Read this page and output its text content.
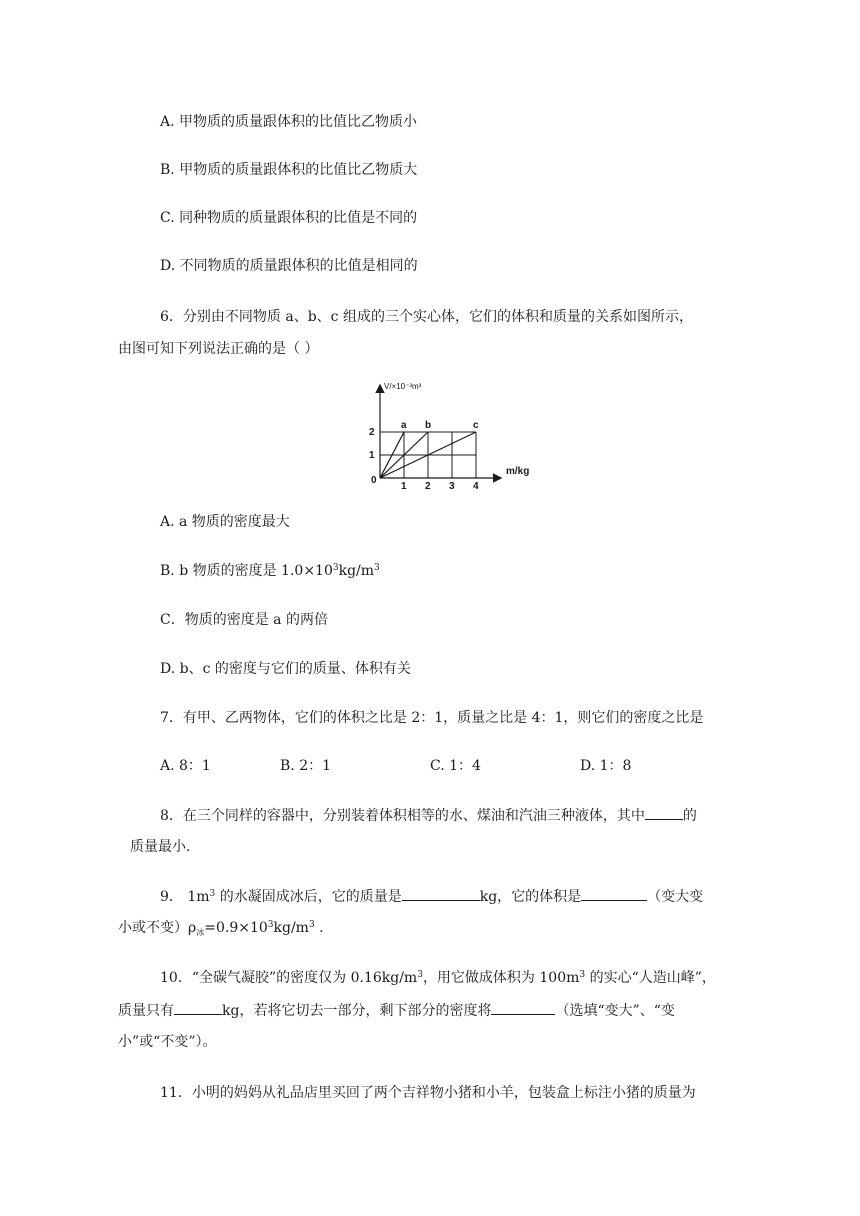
A. 甲物质的质量跟体积的比值比乙物质小
B. 甲物质的质量跟体积的比值比乙物质大
C. 同种物质的质量跟体积的比值是不同的
D. 不同物质的质量跟体积的比值是相同的
6．分别由不同物质 a、b、c 组成的三个实心体，它们的体积和质量的关系如图所示，
由图可知下列说法正确的是（ ）
a b	c
1 2 3 4
1
2
0
m/kg
V/×10⁻³m³
A. a 物质的密度最大
B. b 物质的密度是 $1.0\times 10^3kg/m^3$
C．物质的密度是 a 的两倍
D. b、c 的密度与它们的质量、体积有关
7．有甲、乙两物体，它们的体积之比是 2：1，质量之比是 4：1，则它们的密度之比是
A. 8：1	B. 2：1	C. 1：4	D. 1：8
8．在三个同样的容器中，分别装着体积相等的水、煤油和汽油三种液体，其中	的
质量最小.
9． $1m^3$ 的水凝固成冰后，它的质量是	kg，它的体积是	（变大变
小或不变）$\rho_冰=0.9\times 10^3kg/m^3$ .
10．“全碳气凝胶”的密度仅为 $0.16kg/m^3$，用它做成体积为 $100m^3$ 的实心“人造山峰”，
质量只有	kg，若将它切去一部分，剩下部分的密度将	（选填“变大”、“变
小”或“不变”）。
11．小明的妈妈从礼品店里买回了两个吉祥物小猪和小羊，包装盒上标注小猪的质量为
